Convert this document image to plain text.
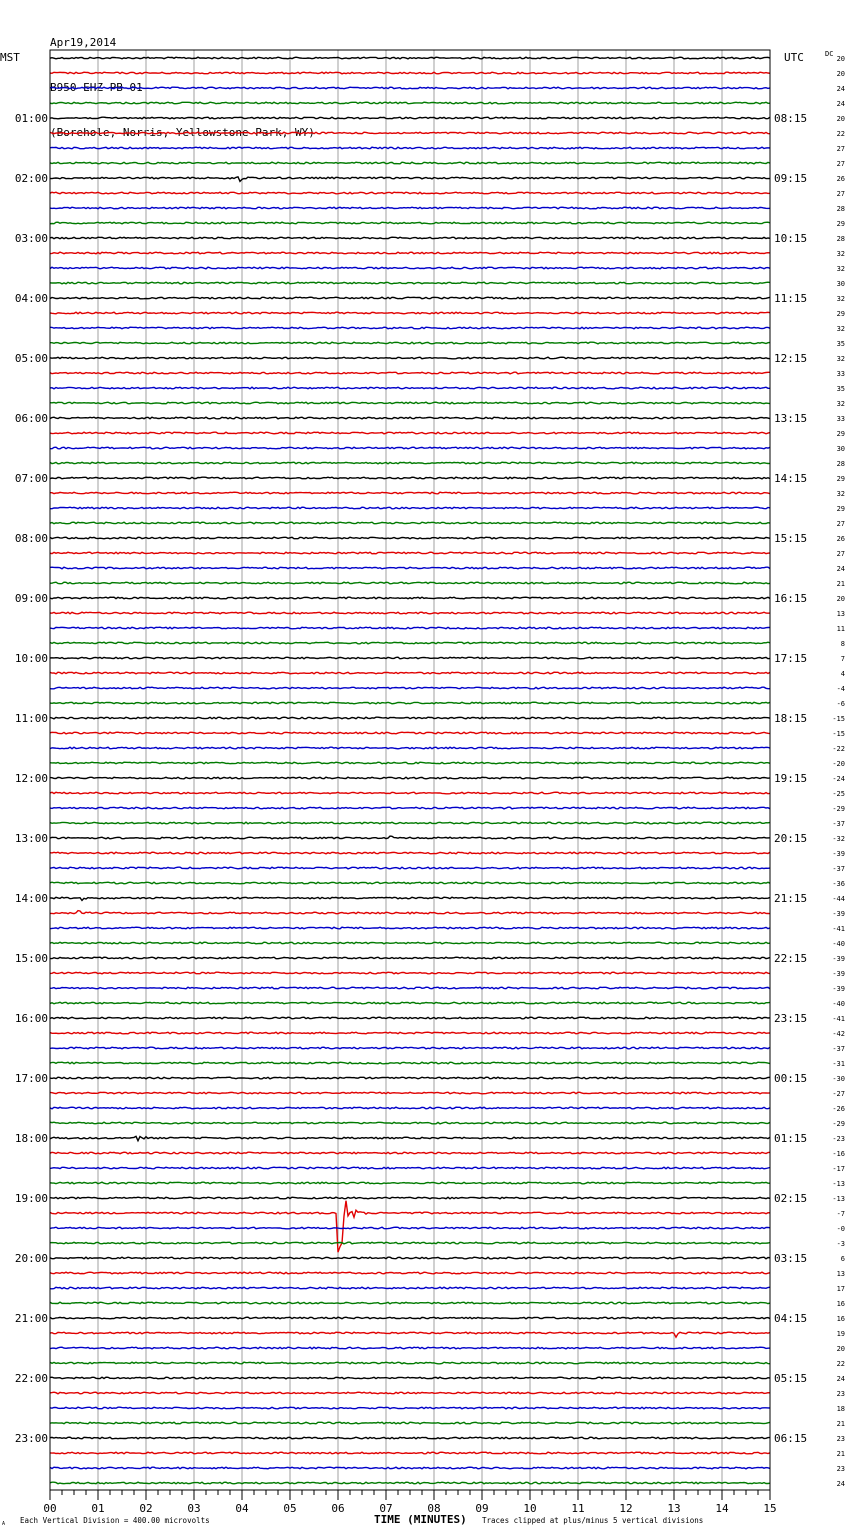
Apr19,2014

B950 EHZ PB 01

(Borehole, Norris, Yellowstone Park, WY)

00	01	02	03	04	05	06	07	08	09	10	11	12	13	14	15
01:00
02:00
03:00
04:00
05:00
06:00
07:00
08:00
09:00
10:00
11:00
12:00
13:00
14:00
15:00
16:00
17:00
18:00
19:00
20:00
21:00
22:00
23:00
08:15
09:15
10:15
11:15
12:15
13:15
14:15
15:15
16:15
17:15
18:15
19:15
20:15
21:15
22:15
23:15
00:15
01:15
02:15
03:15
04:15
05:15
06:15
20
20
24
24
20
22
27
27
26
27
28
29
28
32
32
30
32
29
32
35
32
33
35
32
33
29
30
28
29
32
29
27
26
27
24
21
20
13
11
8
7
4
-4
-6
-15
-15
-22
-20
-24
-25
-29
-37
-32
-39
-37
-36
-44
-39
-41
-40
-39
-39
-39
-40
-41
-42
-37
-31
-30
-27
-26
-29
-23
-16
-17
-13
-13
-7
-0
-3
6
13
17
16
16
19
20
22
24
23
18
21
23
21
23
24
MST	UTC	DC
TIME (MINUTES)
Each Vertical Division = 400.00 microvolts	Traces clipped at plus/minus 5 vertical divisions
A
